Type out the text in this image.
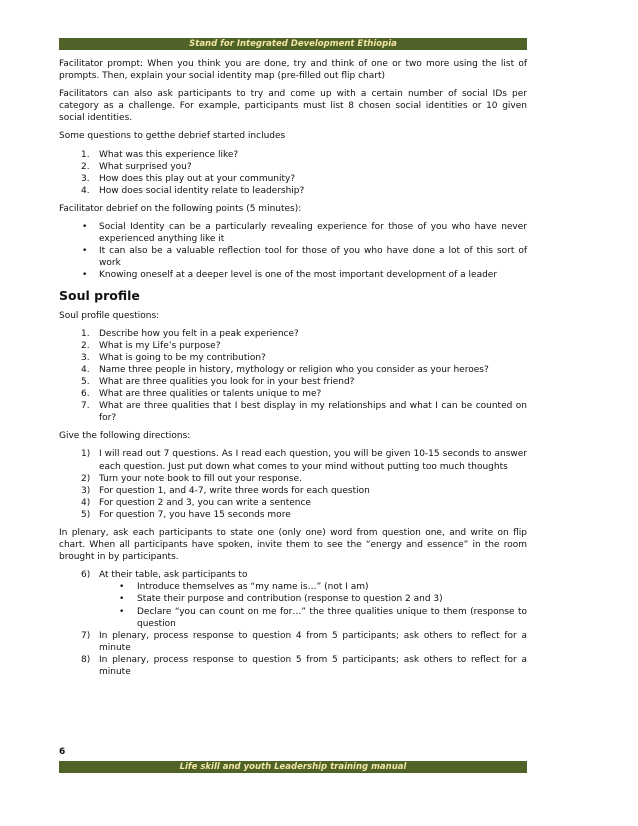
Stand for Integrated Development Ethiopia

Facilitator prompt: When you think you are done, try and think of one or two more using the list of prompts. Then, explain your social identity map (pre-filled out flip chart)

Facilitators can also ask participants to try and come up with a certain number of social IDs per category as a challenge. For example, participants must list 8 chosen social identities or 10 given social identities.

Some questions to getthe debrief started includes

1. What was this experience like?
2. What surprised you?
3. How does this play out at your community?
4. How does social identity relate to leadership?

Facilitator debrief on the following points (5 minutes):

• Social Identity can be a particularly revealing experience for those of you who have never experienced anything like it
• It can also be a valuable reflection tool for those of you who have done a lot of this sort of work
• Knowing oneself at a deeper level is one of the most important development of a leader
Soul profile

Soul profile questions:

1. Describe how you felt in a peak experience?
2. What is my Life’s purpose?
3. What is going to be my contribution?
4. Name three people in history, mythology or religion who you consider as your heroes?
5. What are three qualities you look for in your best friend?
6. What are three qualities or talents unique to me?
7. What are three qualities that I best display in my relationships and what I can be counted on for?

Give the following directions:

1) I will read out 7 questions. As I read each question, you will be given 10-15 seconds to answer each question. Just put down what comes to your mind without putting too much thoughts
2) Turn your note book to fill out your response.
3) For question 1, and 4-7, write three words for each question
4) For question 2 and 3, you can write a sentence
5) For question 7, you have 15 seconds more

In plenary, ask each participants to state one (only one) word from question one, and write on flip chart. When all participants have spoken, invite them to see the “energy and essence” in the room brought in by participants.

6) At their table, ask participants to
• Introduce themselves as “my name is…” (not I am)
• State their purpose and contribution (response to question 2 and 3)
• Declare “you can count on me for…” the three qualities unique to them (response to question
7) In plenary, process response to question 4 from 5 participants; ask others to reflect for a minute
8) In plenary, process response to question 5 from 5 participants; ask others to reflect for a minute
6
Life skill and youth Leadership training manual
